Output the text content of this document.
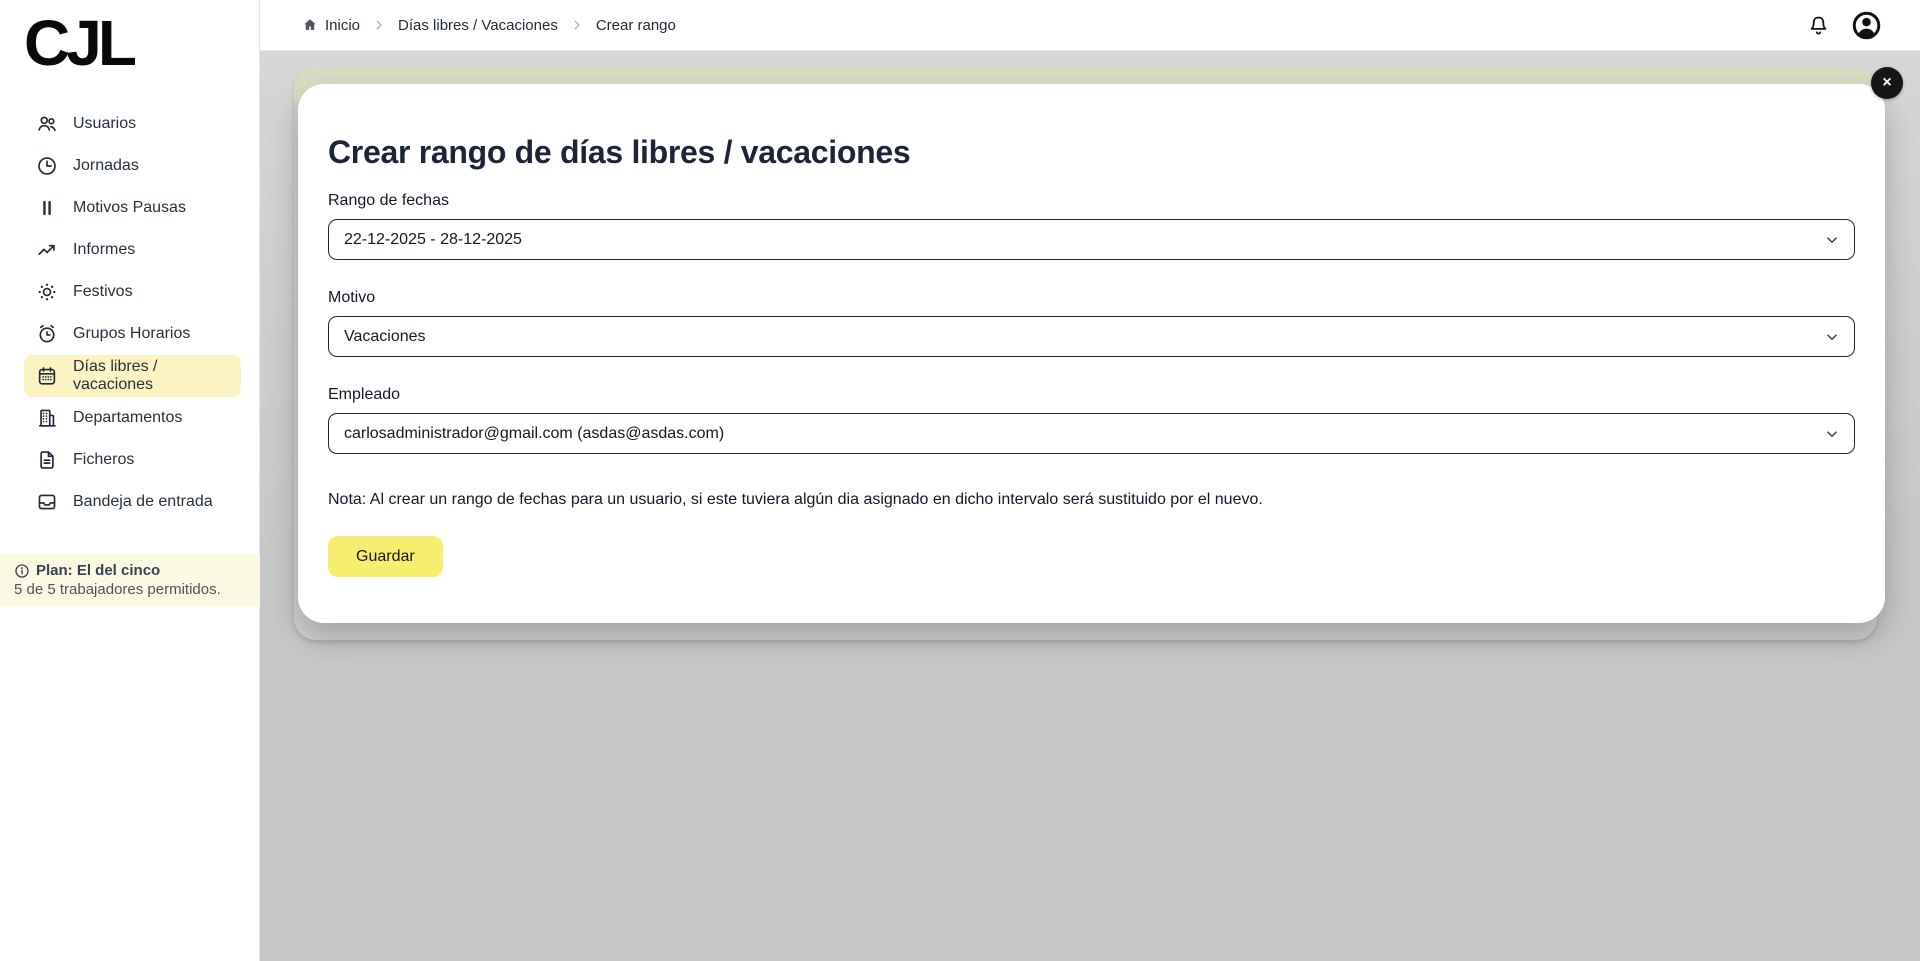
CJL
Usuarios
Jornadas
Motivos Pausas
Informes
Festivos
Grupos Horarios
Días libres / vacaciones
Departamentos
Ficheros
Bandeja de entrada
Plan: El del cinco
5 de 5 trabajadores permitidos.
Inicio	Días libres / Vacaciones	Crear rango
Crear rango de días libres / vacaciones
Rango de fechas
22-12-2025 - 28-12-2025
Motivo
Vacaciones
Empleado
carlosadministrador@gmail.com (asdas@asdas.com)

Nota: Al crear un rango de fechas para un usuario, si este tuviera algún dia asignado en dicho intervalo será sustituido por el nuevo.

Guardar
×
